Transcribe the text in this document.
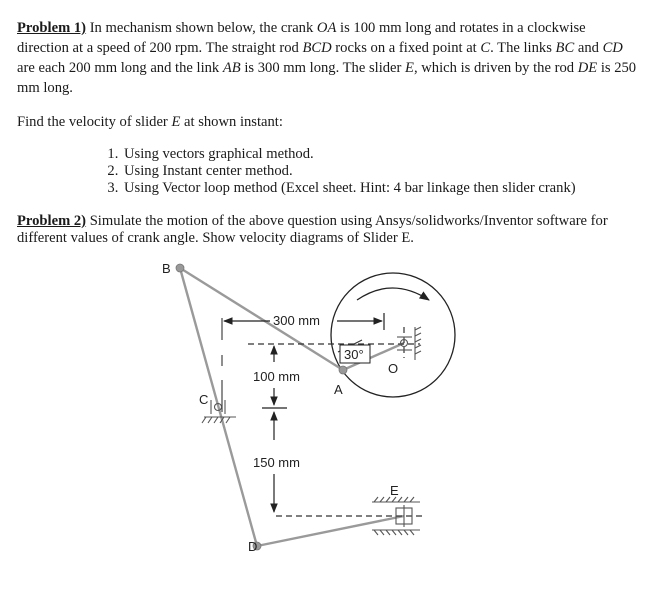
Problem 1) In mechanism shown below, the crank OA is 100 mm long and rotates in a clockwise direction at a speed of 200 rpm. The straight rod BCD rocks on a fixed point at C. The links BC and CD are each 200 mm long and the link AB is 300 mm long. The slider E, which is driven by the rod DE is 250 mm long.

Find the velocity of slider E at shown instant:

1. Using vectors graphical method.
2. Using Instant center method.
3. Using Vector loop method (Excel sheet. Hint: 4 bar linkage then slider crank)

Problem 2) Simulate the motion of the above question using Ansys/solidworks/Inventor software for different values of crank angle. Show velocity diagrams of Slider E.

30°
300 mm
100 mm
150 mm
B
C
A
O
D
E
